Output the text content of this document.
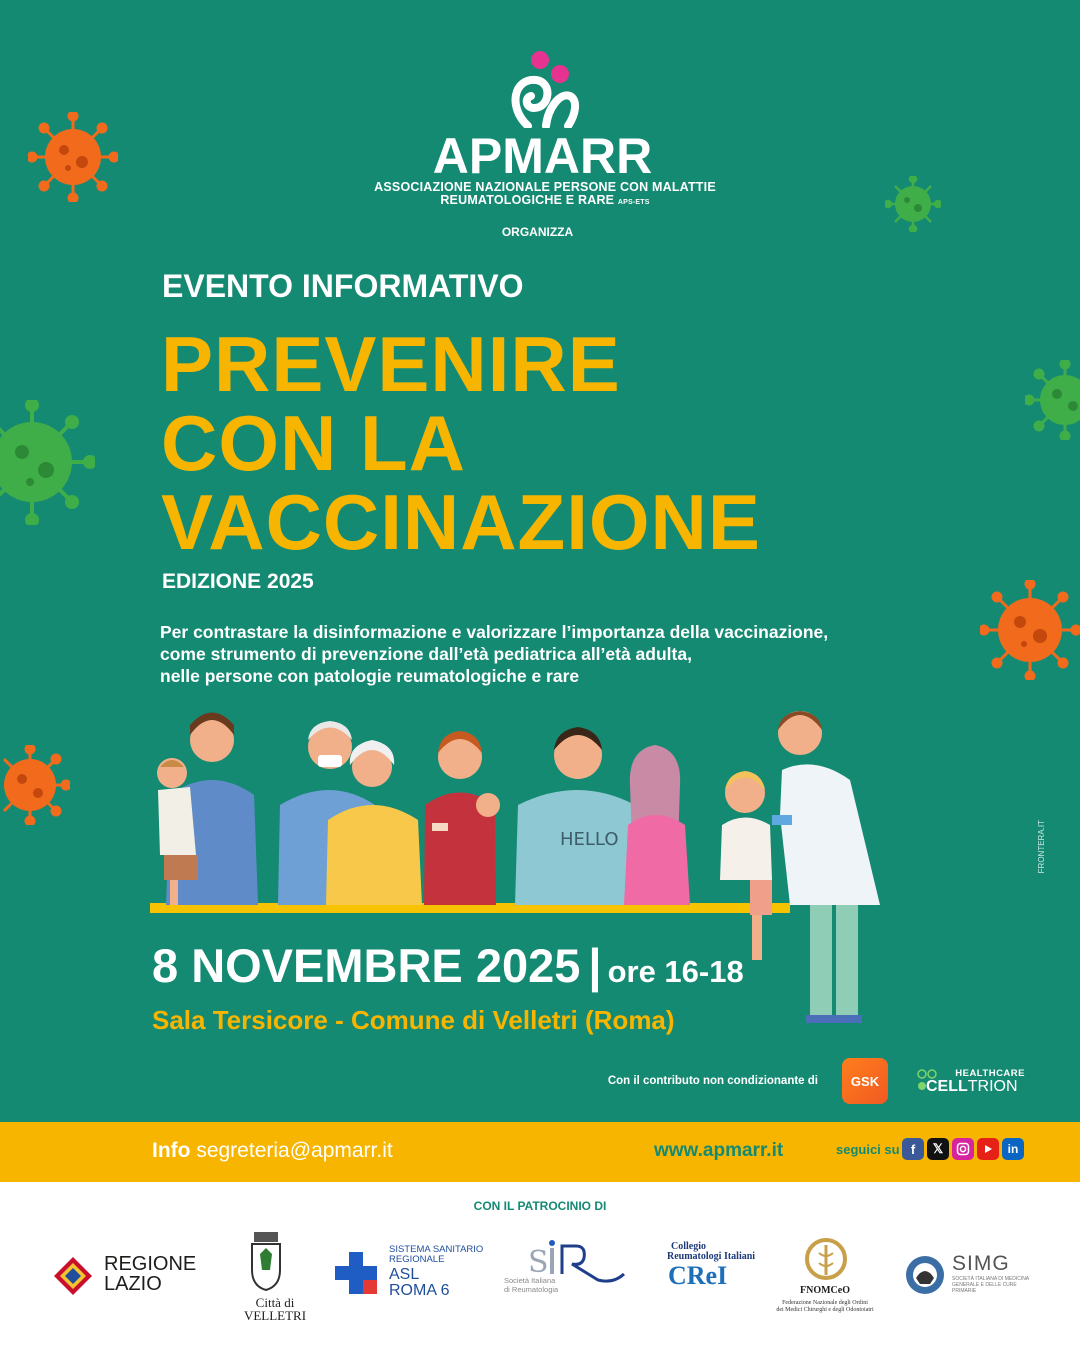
APMARR
ASSOCIAZIONE NAZIONALE PERSONE CON MALATTIE
REUMATOLOGICHE E RARE APS-ETS
ORGANIZZA
EVENTO INFORMATIVO
PREVENIRE
CON LA
VACCINAZIONE
EDIZIONE 2025
Per contrastare la disinformazione e valorizzare l’importanza della vaccinazione,
come strumento di prevenzione dall’età pediatrica all’età adulta,
nelle persone con patologie reumatologiche e rare
HELLO
8 NOVEMBRE 2025 | ore 16-18
Sala Tersicore - Comune di Velletri (Roma)
Con il contributo non condizionante di	GSK	HEALTHCARE
CELLTRION
FRONTERA.IT
Info segreteria@apmarr.it	www.apmarr.it	seguici su f	𝕏	in
CON IL PATROCINIO DI
REGIONE
LAZIO
Città di
VELLETRI
SISTEMA SANITARIO
REGIONALE
ASL
ROMA 6
S
Società Italiana
di Reumatologia
Collegio
Reumatologi Italiani
CReI
FNOMCeO
Federazione Nazionale degli Ordini
dei Medici Chirurghi e degli Odontoiatri
SIMG
SOCIETÀ ITALIANA DI MEDICINA GENERALE E DELLE CURE PRIMARIE
